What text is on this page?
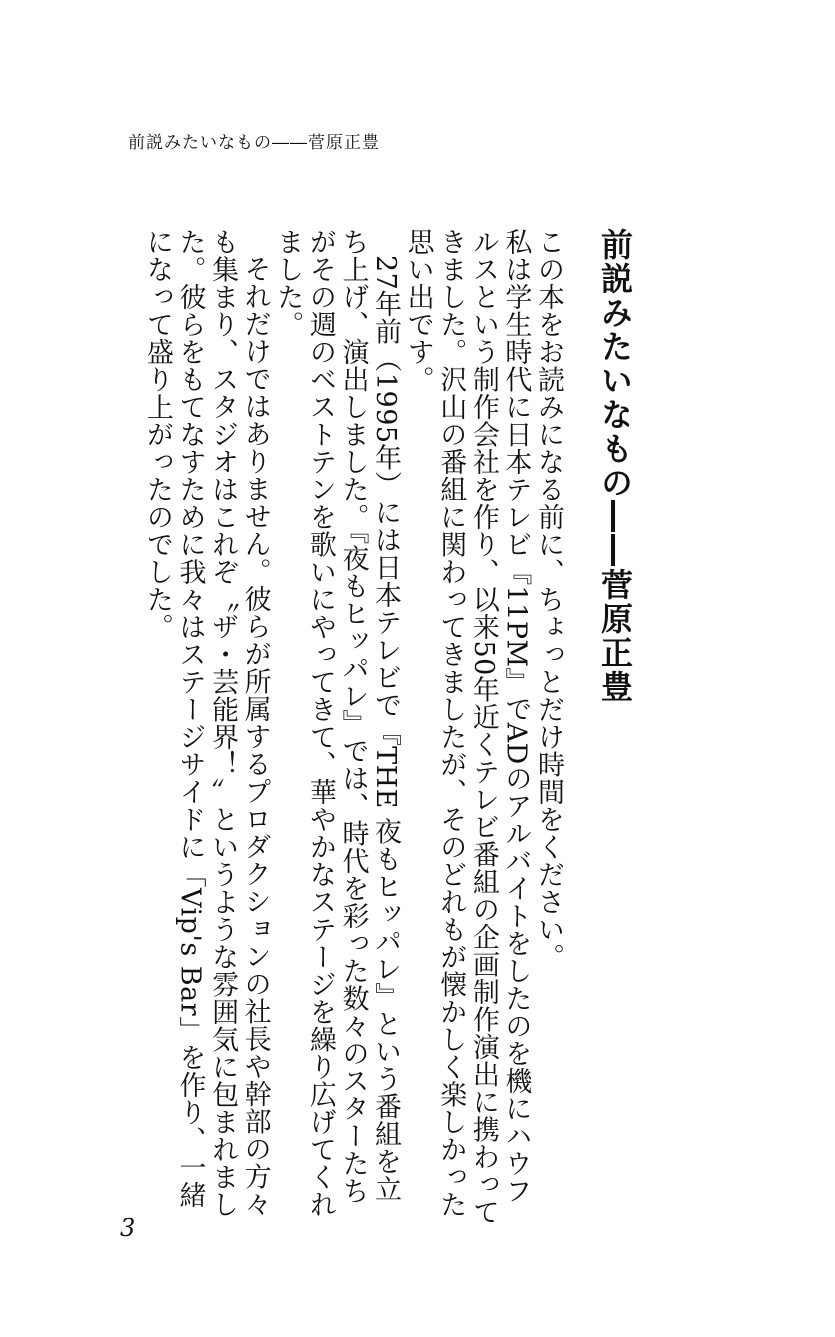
前説みたいなもの――菅原正豊
前説みたいなもの――菅原正豊

この本をお読みになる前に、ちょっとだけ時間をください。

私は学生時代に日本テレビ『11PM』でADのアルバイトをしたのを機にハウフルスという制作会社を作り、以来50年近くテレビ番組の企画制作演出に携わってきました。沢山の番組に関わってきましたが、そのどれもが懐かしく楽しかった思い出です。

27年前（1995年）には日本テレビで『THE 夜もヒッパレ』という番組を立ち上げ、演出しました。『夜もヒッパレ』では、時代を彩った数々のスターたちがその週のベストテンを歌いにやってきて、華やかなステージを繰り広げてくれました。

それだけではありません。彼らが所属するプロダクションの社長や幹部の方々も集まり、スタジオはこれぞ〝ザ・芸能界！〟というような雰囲気に包まれました。彼らをもてなすために我々はステージサイドに「Vip's Bar」を作り、一緒になって盛り上がったのでした。

3
